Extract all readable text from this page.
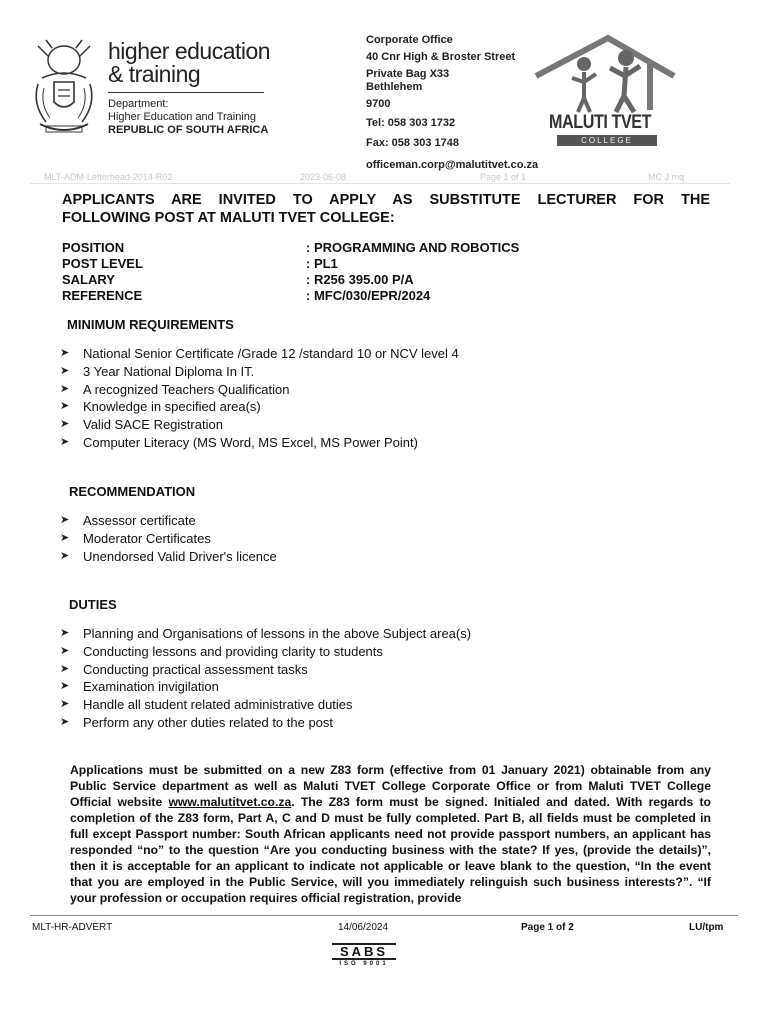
higher education
& training
Department:
Higher Education and Training
REPUBLIC OF SOUTH AFRICA
Corporate Office
40 Cnr High & Broster Street
Private Bag X33
Bethlehem
9700
Tel: 058 303 1732
Fax: 058 303 1748
officeman.corp@malutitvet.co.za
MALUTI TVET
COLLEGE
MLT-ADM-Letterhead-2014-R02	2023-06-08	Page 1 of 1	MC J mq
APPLICANTS ARE INVITED TO APPLY AS SUBSTITUTE LECTURER FOR THE
FOLLOWING POST AT MALUTI TVET COLLEGE:
POSITION	: PROGRAMMING AND ROBOTICS
POST LEVEL	: PL1
SALARY	: R256 395.00 P/A
REFERENCE	: MFC/030/EPR/2024
MINIMUM REQUIREMENTS
➤	National Senior Certificate /Grade 12 /standard 10 or NCV level 4
➤	3 Year National Diploma In IT.
➤	A recognized Teachers Qualification
➤	Knowledge in specified area(s)
➤	Valid SACE Registration
➤	Computer Literacy (MS Word, MS Excel, MS Power Point)
RECOMMENDATION
➤	Assessor certificate
➤	Moderator Certificates
➤	Unendorsed Valid Driver's licence
DUTIES
➤	Planning and Organisations of lessons in the above Subject area(s)
➤	Conducting lessons and providing clarity to students
➤	Conducting practical assessment tasks
➤	Examination invigilation
➤	Handle all student related administrative duties
➤	Perform any other duties related to the post
Applications must be submitted on a new Z83 form (effective from 01 January 2021) obtainable from any Public Service department as well as Maluti TVET College Corporate Office or from Maluti TVET College Official website www.malutitvet.co.za. The Z83 form must be signed. Initialed and dated. With regards to completion of the Z83 form, Part A, C and D must be fully completed. Part B, all fields must be completed in full except Passport number: South African applicants need not provide passport numbers, an applicant has responded “no” to the question “Are you conducting business with the state? If yes, (provide the details)”, then it is acceptable for an applicant to indicate not applicable or leave blank to the question, “In the event that you are employed in the Public Service, will you immediately relinguish such business interests?”. “If your profession or occupation requires official registration, provide
MLT-HR-ADVERT	14/06/2024	Page 1 of 2	LU/tpm
SABS
ISO 9001
